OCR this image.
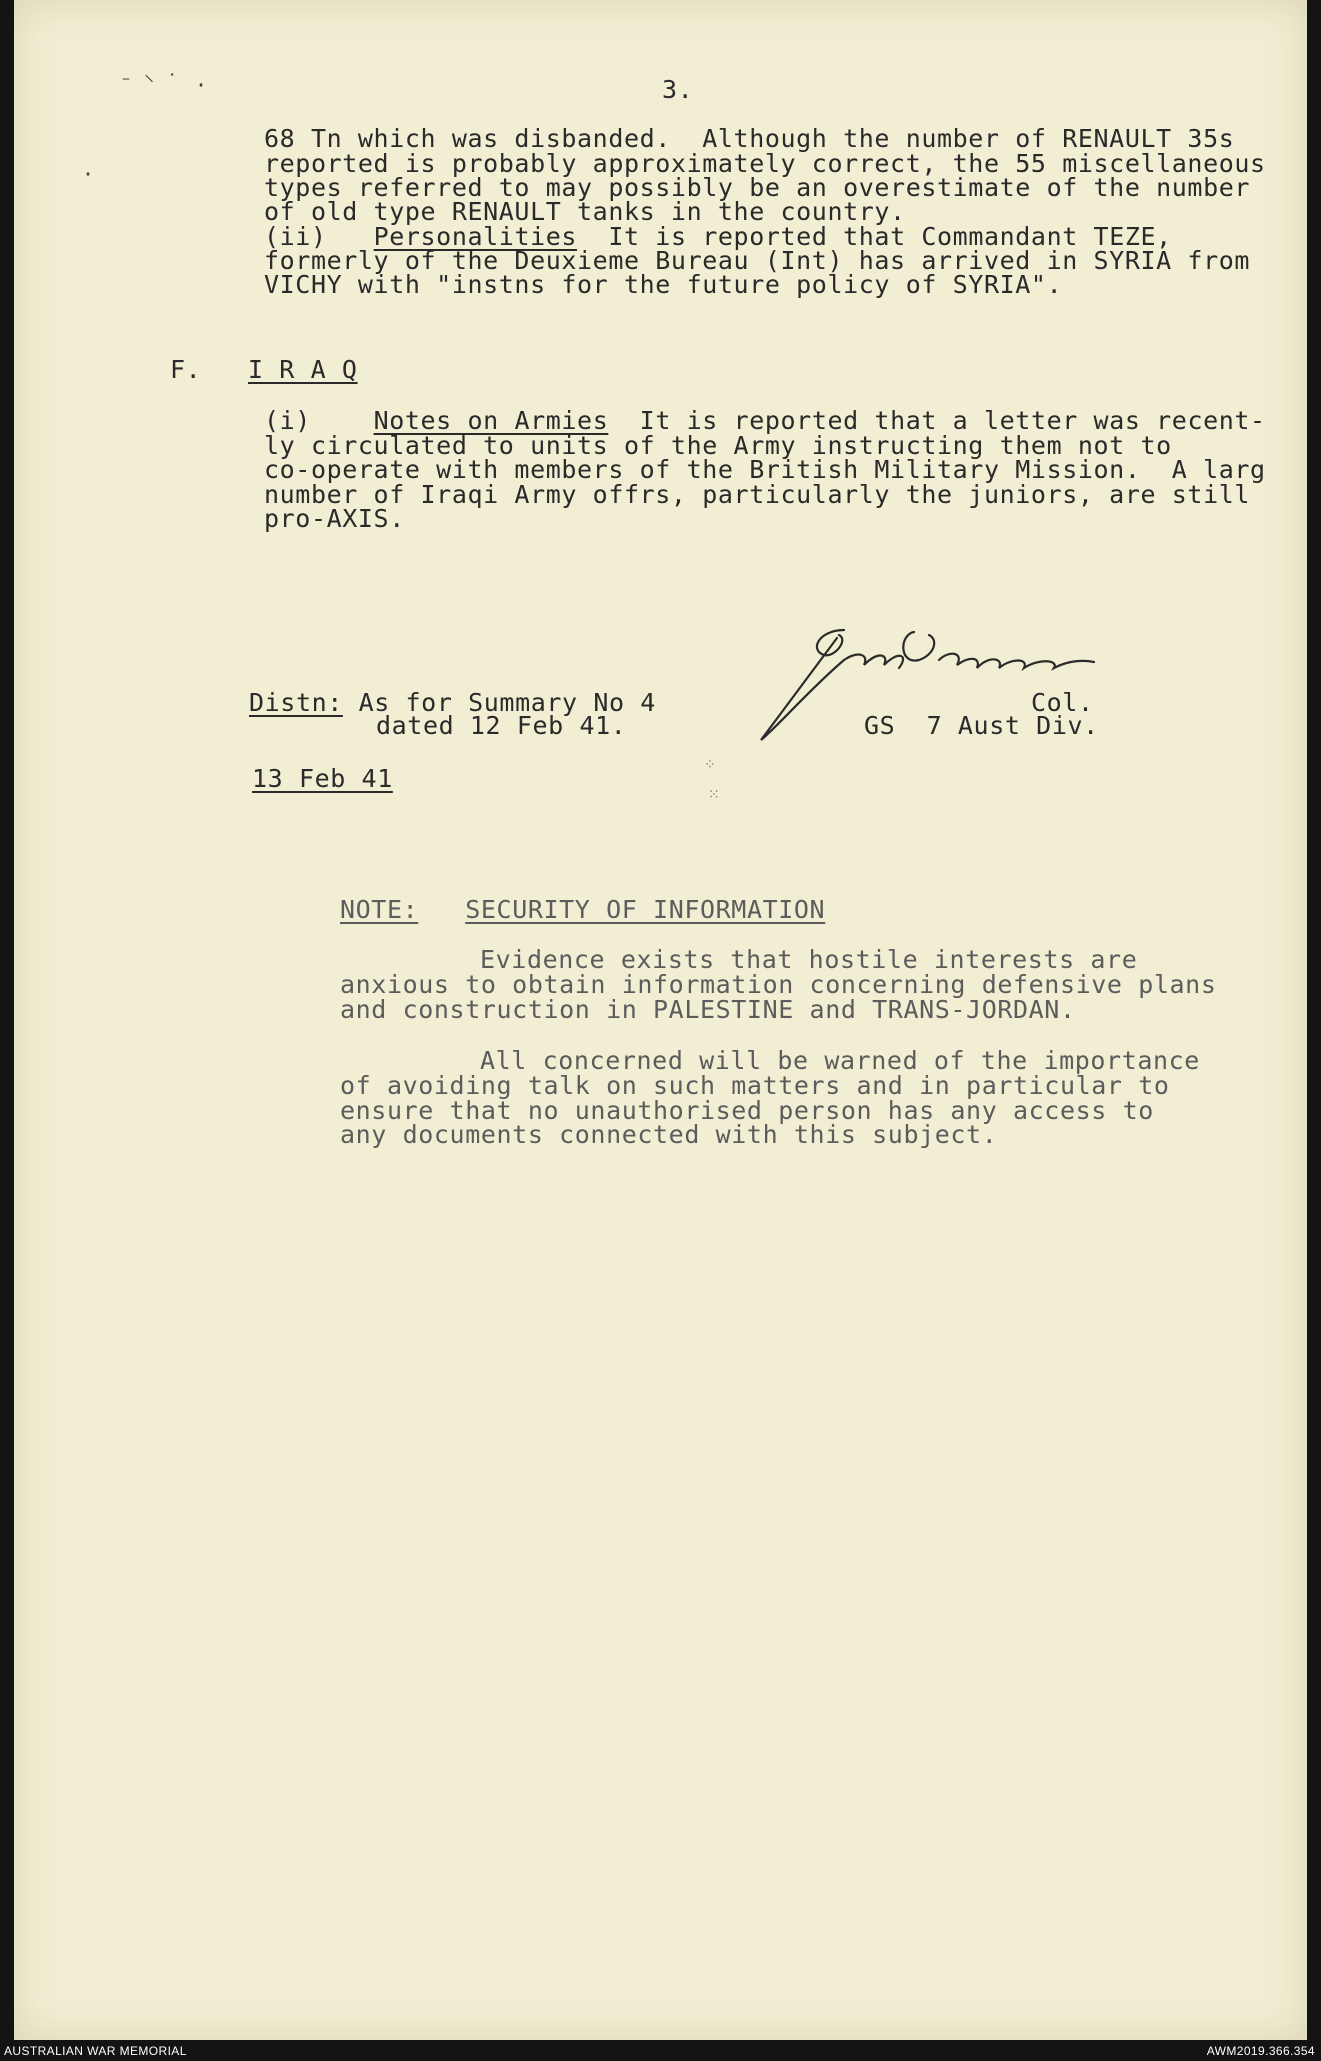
⁻ ⸌ ˙ ·
·
3.
68 Tn which was disbanded.  Although the number of RENAULT 35s
reported is probably approximately correct, the 55 miscellaneous
types referred to may possibly be an overestimate of the number
of old type RENAULT tanks in the country.
(ii) Personalities  It is reported that Commandant TEZE,
formerly of the Deuxieme Bureau (Int) has arrived in SYRIA from
VICHY with "instns for the future policy of SYRIA".
F. I R A Q
(i)	Notes on Armies  It is reported that a letter was recent-
ly circulated to units of the Army instructing them not to
co-operate with members of the British Military Mission.  A larg
number of Iraqi Army offrs, particularly the juniors, are still
pro-AXIS.
Distn: As for Summary No 4
dated 12 Feb 41.
Col.
GS  7 Aust Div.
13 Feb 41	⁘
⁙
NOTE: SECURITY OF INFORMATION
Evidence exists that hostile interests are
anxious to obtain information concerning defensive plans
and construction in PALESTINE and TRANS-JORDAN.
All concerned will be warned of the importance
of avoiding talk on such matters and in particular to
ensure that no unauthorised person has any access to
any documents connected with this subject.
AUSTRALIAN WAR MEMORIAL	AWM2019.366.354
